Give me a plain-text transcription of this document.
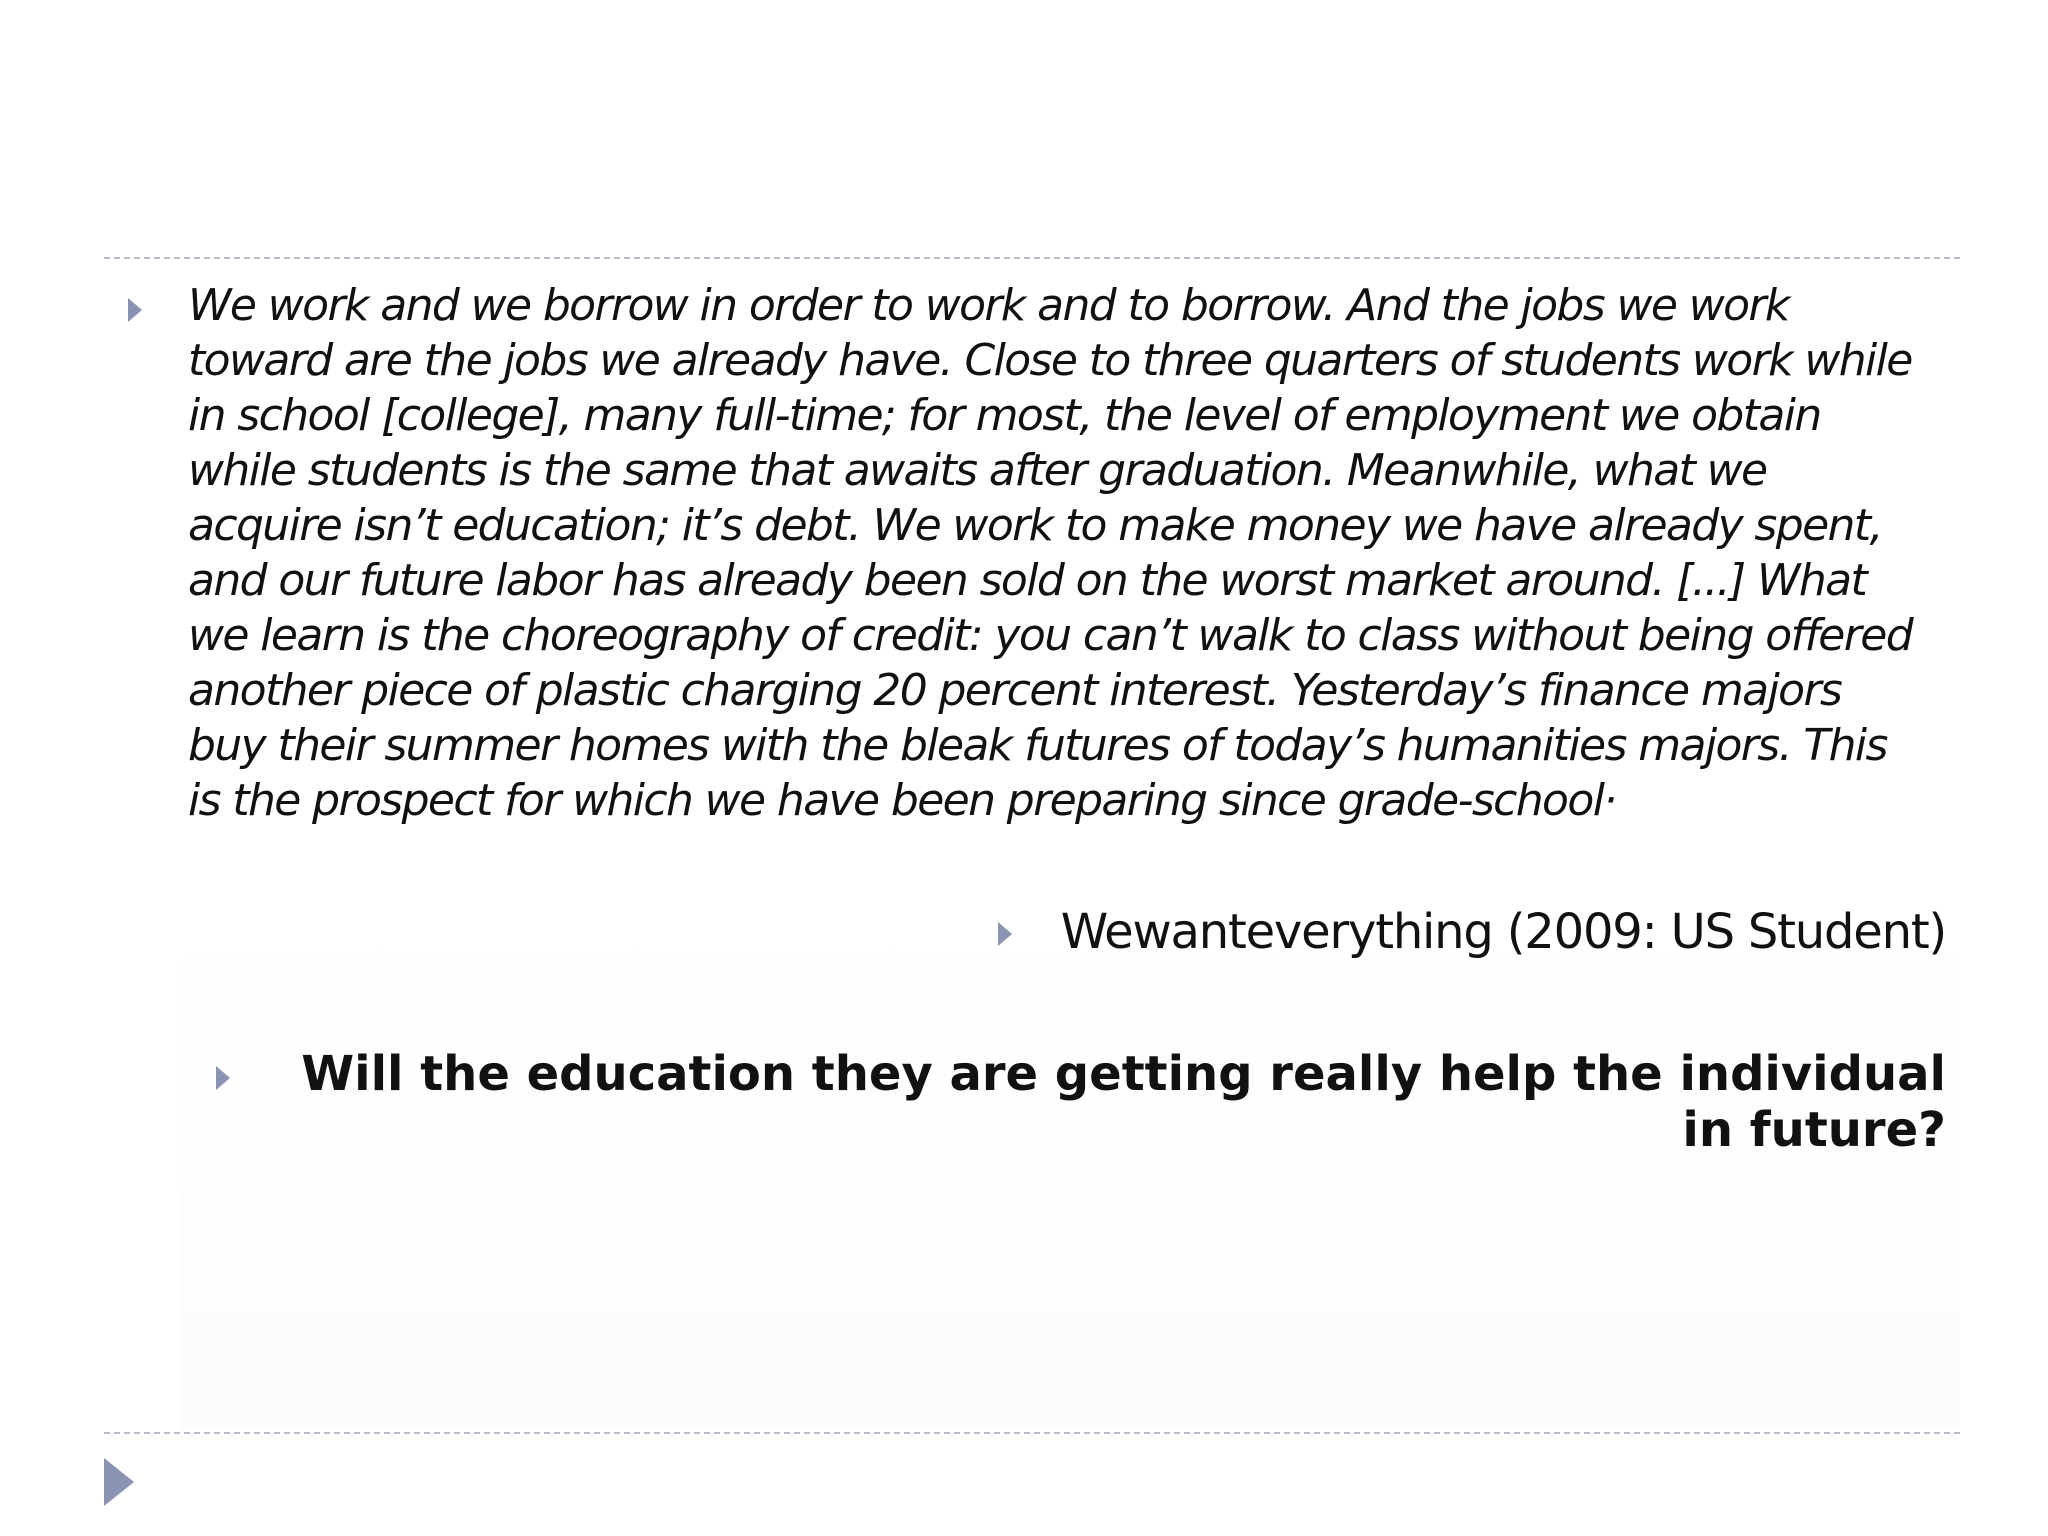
We work and we borrow in order to work and to borrow. And the jobs we work toward are the jobs we already have. Close to three quarters of students work while in school [college], many full-time; for most, the level of employment we obtain while students is the same that awaits after graduation. Meanwhile, what we acquire isn’t education; it’s debt. We work to make money we have already spent, and our future labor has already been sold on the worst market around. [...] What we learn is the choreography of credit: you can’t walk to class without being offered another piece of plastic charging 20 percent interest. Yesterday’s finance majors buy their summer homes with the bleak futures of today’s humanities majors. This is the prospect for which we have been preparing since grade-school·

Wewanteverything (2009: US Student)

Will the education they are getting really help the individual in future?
